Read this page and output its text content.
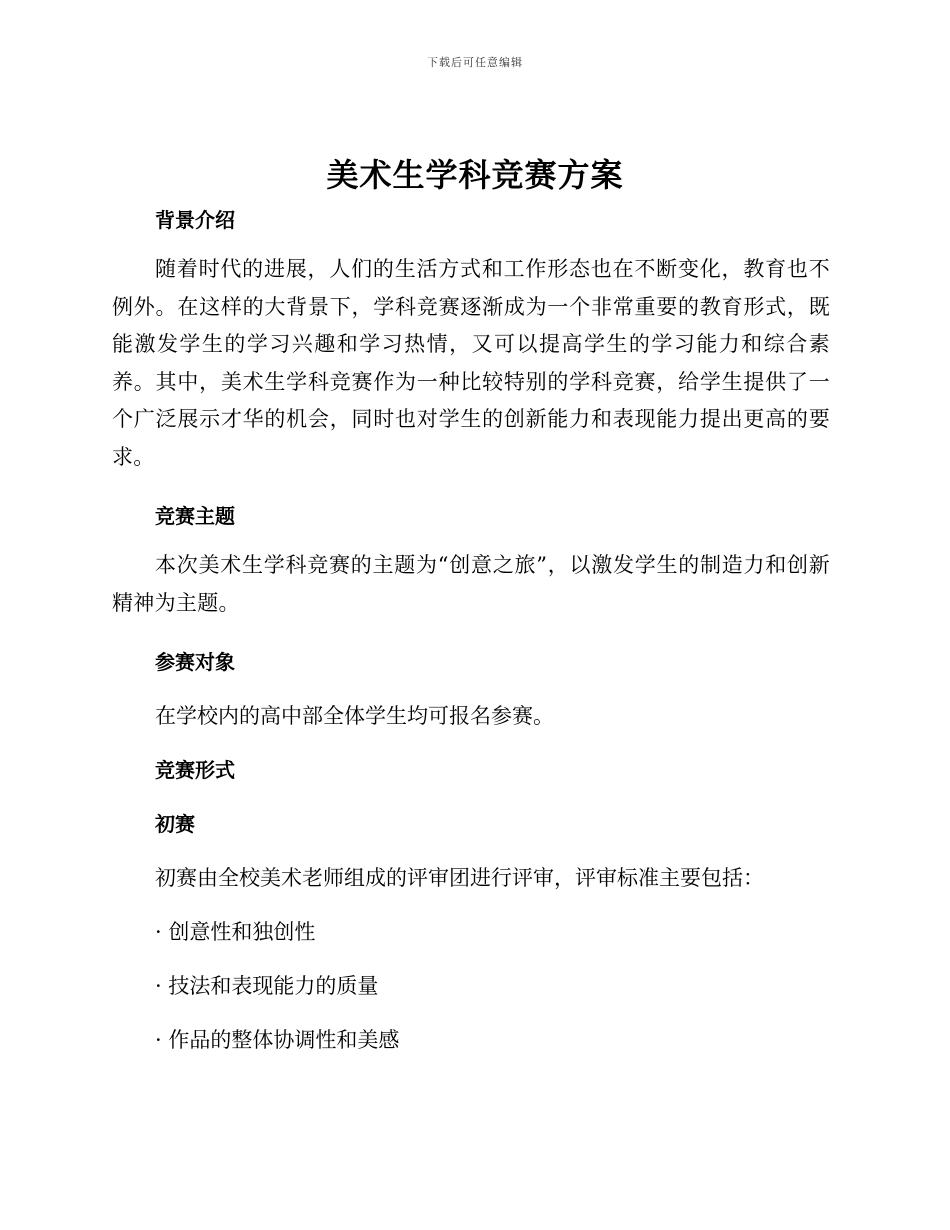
下载后可任意编辑
美术生学科竞赛方案
背景介绍

随着时代的进展，人们的生活方式和工作形态也在不断变化，教育也不例外。在这样的大背景下，学科竞赛逐渐成为一个非常重要的教育形式，既能激发学生的学习兴趣和学习热情，又可以提高学生的学习能力和综合素养。其中，美术生学科竞赛作为一种比较特别的学科竞赛，给学生提供了一个广泛展示才华的机会，同时也对学生的创新能力和表现能力提出更高的要求。

竞赛主题

本次美术生学科竞赛的主题为“创意之旅”，以激发学生的制造力和创新精神为主题。

参赛对象

在学校内的高中部全体学生均可报名参赛。

竞赛形式
初赛

初赛由全校美术老师组成的评审团进行评审，评审标准主要包括：

· 创意性和独创性

· 技法和表现能力的质量

· 作品的整体协调性和美感
